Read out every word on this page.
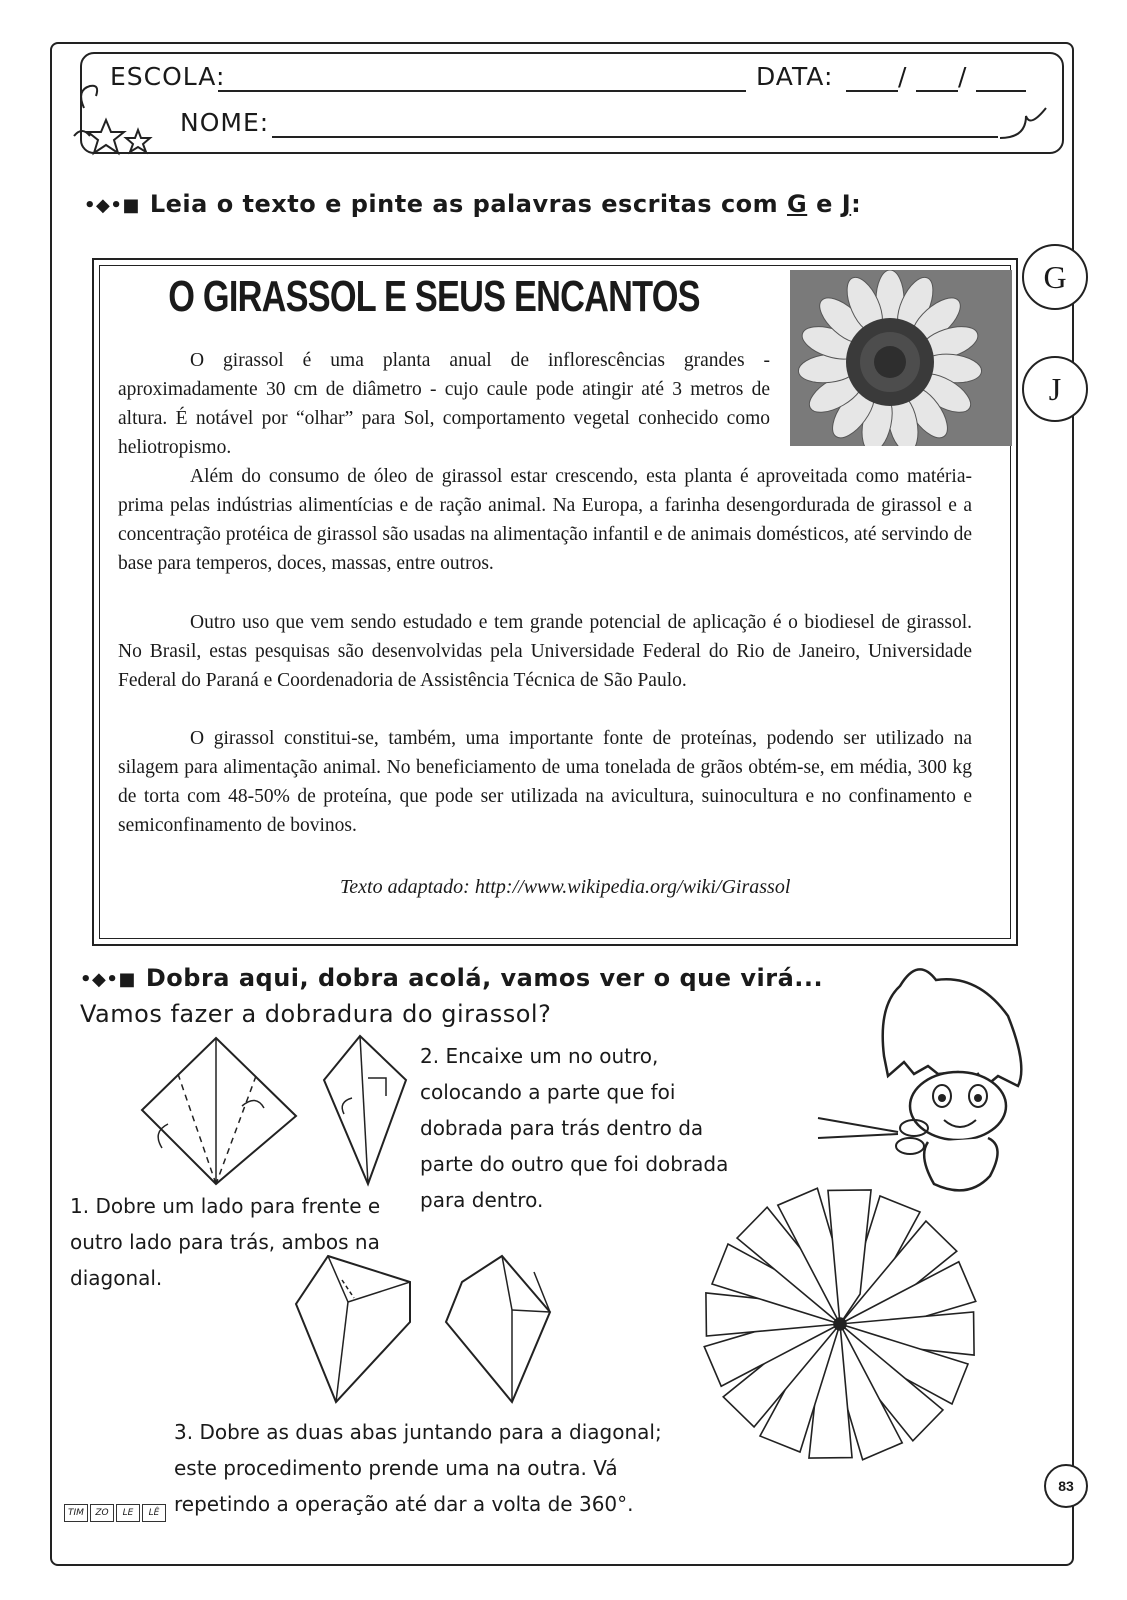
ESCOLA:	DATA:	/ /
NOME:
•◆•■ Leia o texto e pinte as palavras escritas com G e J:
G
J
O GIRASSOL E SEUS ENCANTOS
O girassol é uma planta anual de inflorescências grandes - aproximadamente 30 cm de diâmetro - cujo caule pode atingir até 3 metros de altura. É notável por “olhar” para Sol, comportamento vegetal conhecido como heliotropismo.
Além do consumo de óleo de girassol estar crescendo, esta planta é aproveitada como matéria-prima pelas indústrias alimentícias e de ração animal. Na Europa, a farinha desengordurada de girassol e a concentração protéica de girassol são usadas na alimentação infantil e de animais domésticos, até servindo de base para temperos, doces, massas, entre outros.
Outro uso que vem sendo estudado e tem grande potencial de aplicação é o biodiesel de girassol. No Brasil, estas pesquisas são desenvolvidas pela Universidade Federal do Rio de Janeiro, Universidade Federal do Paraná e Coordenadoria de Assistência Técnica de São Paulo.
O girassol constitui-se, também, uma importante fonte de proteínas, podendo ser utilizado na silagem para alimentação animal. No beneficiamento de uma tonelada de grãos obtém-se, em média, 300 kg de torta com 48-50% de proteína, que pode ser utilizada na avicultura, suinocultura e no confinamento e semiconfinamento de bovinos.
Texto adaptado: http://www.wikipedia.org/wiki/Girassol
•◆•■ Dobra aqui, dobra acolá, vamos ver o que virá...
Vamos fazer a dobradura do girassol?
2. Encaixe um no outro,
colocando a parte que foi
dobrada para trás dentro da
parte do outro que foi dobrada
para dentro.
1. Dobre um lado para frente e
outro lado para trás, ambos na
diagonal.
3. Dobre as duas abas juntando para a diagonal;
este procedimento prende uma na outra. Vá
repetindo a operação até dar a volta de 360°.
TIM ZO LE LÊ
83
